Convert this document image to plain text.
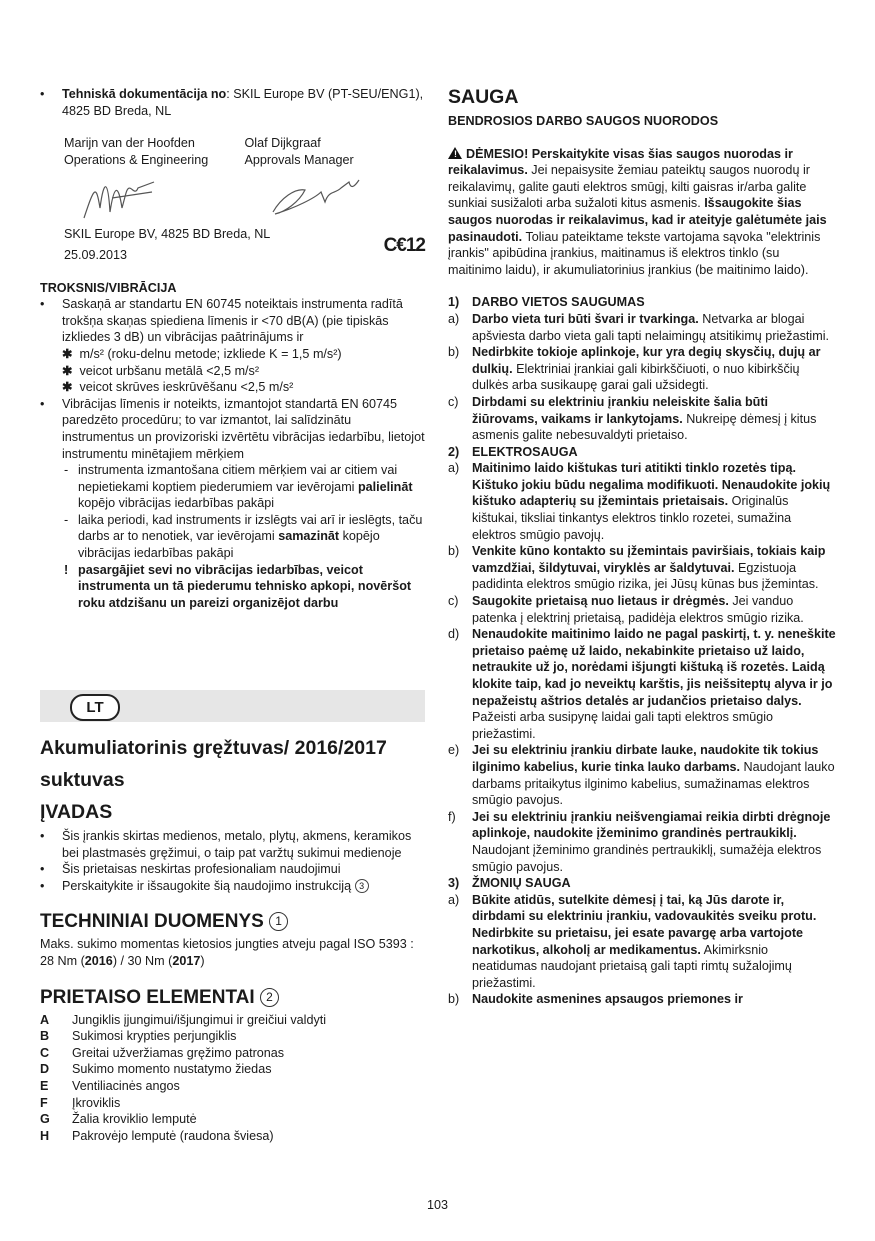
•	Tehniskā dokumentācija no: SKIL Europe BV (PT-SEU/ENG1), 4825 BD Breda, NL

Marijn van der Hoofden

Operations & Engineering

Olaf Dijkgraaf

Approvals Manager

SKIL Europe BV, 4825 BD Breda, NL

25.09.2013	C€12

TROKSNIS/VIBRĀCIJA

•	Saskaņā ar standartu EN 60745 noteiktais instrumenta radītā trokšņa skaņas spiediena līmenis ir <70 dB(A) (pie tipiskās izkliedes 3 dB) un vibrācijas paātrinājums ir

✱ m/s² (roku-delnu metode; izkliede K = 1,5 m/s²)

✱ veicot urbšanu metālā <2,5 m/s²

✱ veicot skrūves ieskrūvēšanu <2,5 m/s²

•	Vibrācijas līmenis ir noteikts, izmantojot standartā EN 60745 paredzēto procedūru; to var izmantot, lai salīdzinātu instrumentus un provizoriski izvērtētu vibrācijas iedarbību, lietojot instrumentu minētajiem mērķiem

- instrumenta izmantošana citiem mērķiem vai ar citiem vai nepietiekami koptiem piederumiem var ievērojami palielināt kopējo vibrācijas iedarbības pakāpi

- laika periodi, kad instruments ir izslēgts vai arī ir ieslēgts, taču darbs ar to nenotiek, var ievērojami samazināt kopējo vibrācijas iedarbības pakāpi

! pasargājiet sevi no vibrācijas iedarbības, veicot instrumenta un tā piederumu tehnisko apkopi, novēršot roku atdzišanu un pareizi organizējot darbu

LT

Akumuliatorinis gręžtuvas/ 2016/2017

suktuvas

ĮVADAS

•	Šis įrankis skirtas medienos, metalo, plytų, akmens, keramikos bei plastmasės gręžimui, o taip pat varžtų sukimui medienoje

•	Šis prietaisas neskirtas profesionaliam naudojimui

•	Perskaitykite ir išsaugokite šią naudojimo instrukciją 3

TECHNINIAI DUOMENYS 1

Maks. sukimo momentas kietosios jungties atveju pagal ISO 5393 : 28 Nm (2016) / 30 Nm (2017)

PRIETAISO ELEMENTAI 2

A	Jungiklis įjungimui/išjungimui ir greičiui valdyti
B	Sukimosi krypties perjungiklis
C	Greitai užveržiamas gręžimo patronas
D	Sukimo momento nustatymo žiedas
E	Ventiliacinės angos
F	Įkroviklis
G	Žalia kroviklio lemputė
H	Pakrovėjo lemputė (raudona šviesa)

SAUGA

BENDROSIOS DARBO SAUGOS NUORODOS

! DĖMESIO! Perskaitykite visas šias saugos nuorodas ir reikalavimus. Jei nepaisysite žemiau pateiktų saugos nuorodų ir reikalavimų, galite gauti elektros smūgį, kilti gaisras ir/arba galite sunkiai susižaloti arba sužaloti kitus asmenis. Išsaugokite šias saugos nuorodas ir reikalavimus, kad ir ateityje galėtumėte jais pasinaudoti. Toliau pateiktame tekste vartojama sąvoka "elektrinis įrankis" apibūdina įrankius, maitinamus iš elektros tinklo (su maitinimo laidu), ir akumuliatorinius įrankius (be maitinimo laido).

1)	DARBO VIETOS SAUGUMAS
a)	Darbo vieta turi būti švari ir tvarkinga. Netvarka ar blogai apšviesta darbo vieta gali tapti nelaimingų atsitikimų priežastimi.

b)	Nedirbkite tokioje aplinkoje, kur yra degių skysčių, dujų ar dulkių. Elektriniai įrankiai gali kibirkščiuoti, o nuo kibirkščių dulkės arba susikaupę garai gali užsidegti.

c)	Dirbdami su elektriniu įrankiu neleiskite šalia būti žiūrovams, vaikams ir lankytojams. Nukreipę dėmesį į kitus asmenis galite nebesuvaldyti prietaiso.

2)	ELEKTROSAUGA
a)	Maitinimo laido kištukas turi atitikti tinklo rozetės tipą. Kištuko jokiu būdu negalima modifikuoti. Nenaudokite jokių kištuko adapterių su įžemintais prietaisais. Originalūs kištukai, tiksliai tinkantys elektros tinklo rozetei, sumažina elektros smūgio pavojų.

b)	Venkite kūno kontakto su įžemintais paviršiais, tokiais kaip vamzdžiai, šildytuvai, viryklės ar šaldytuvai. Egzistuoja padidinta elektros smūgio rizika, jei Jūsų kūnas bus įžemintas.

c)	Saugokite prietaisą nuo lietaus ir drėgmės. Jei vanduo patenka į elektrinį prietaisą, padidėja elektros smūgio rizika.

d)	Nenaudokite maitinimo laido ne pagal paskirtį, t. y. neneškite prietaiso paėmę už laido, nekabinkite prietaiso už laido, netraukite už jo, norėdami išjungti kištuką iš rozetės. Laidą klokite taip, kad jo neveiktų karštis, jis neišsiteptų alyva ir jo nepažeistų aštrios detalės ar judančios prietaiso dalys. Pažeisti arba susipynę laidai gali tapti elektros smūgio priežastimi.

e)	Jei su elektriniu įrankiu dirbate lauke, naudokite tik tokius ilginimo kabelius, kurie tinka lauko darbams. Naudojant lauko darbams pritaikytus ilginimo kabelius, sumažinamas elektros smūgio pavojus.

f)	Jei su elektriniu įrankiu neišvengiamai reikia dirbti drėgnoje aplinkoje, naudokite įžeminimo grandinės pertraukiklį. Naudojant įžeminimo grandinės pertraukiklį, sumažėja elektros smūgio pavojus.

3)	ŽMONIŲ SAUGA
a)	Būkite atidūs, sutelkite dėmesį į tai, ką Jūs darote ir, dirbdami su elektriniu įrankiu, vadovaukitės sveiku protu. Nedirbkite su prietaisu, jei esate pavargę arba vartojote narkotikus, alkoholį ar medikamentus. Akimirksnio neatidumas naudojant prietaisą gali tapti rimtų sužalojimų priežastimi.

b)	Naudokite asmenines apsaugos priemones ir

103
